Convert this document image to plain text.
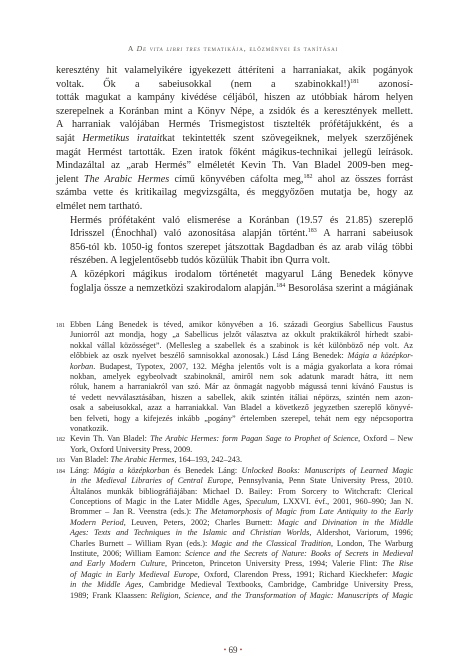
A De vita libri tres tematikája, előzményei és tanításai

keresztény hit valamelyikére igyekezett áttéríteni a harraniakat, akik pogányok
voltak. Ők a sabeiusokkal (nem a szabinokkal!)$^{181}$ azonosí-
tották magukat a kampány kivédése céljából, hiszen az utóbbiak három helyen
szerepelnek a Koránban mint a Könyv Népe, a zsidók és a keresztények mellett.
A harraniak valójában Hermés Trismegistost tisztelték prófétájukként, és a
saját Hermetikus irataitkat tekintették szent szövegeiknek, melyek szerzőjének
magát Hermést tartották. Ezen iratok főként mágikus-technikai jellegű leírások.
Mindazáltal az „arab Hermés” elméletét Kevin Th. Van Bladel 2009-ben meg-
jelent The Arabic Hermes című könyvében cáfolta meg,$^{182}$ ahol az összes forrást
számba vette és kritikailag megvizsgálta, és meggyőzően mutatja be, hogy az
elmélet nem tartható.

Hermés prófétaként való elismerése a Koránban (19.57 és 21.85) szereplő
Idrisszel (Énochhal) való azonosítása alapján történt.$^{183}$ A harrani sabeiusok
856-tól kb. 1050-ig fontos szerepet játszottak Bagdadban és az arab világ többi
részében. A legjelentősebb tudós közülük Thabit ibn Qurra volt.

A középkori mágikus irodalom történetét magyarul Láng Benedek könyve
foglalja össze a nemzetközi szakirodalom alapján.$^{184}$ Besorolása szerint a mágiának

181 Ebben Láng Benedek is téved, amikor könyvében a 16. századi Georgius Sabellicus Faustus
Juniorról azt mondja, hogy „a Sabellicus jelzőt választva az okkult praktikákról hírhedt szabi-
nokkal vállal közösséget”. (Mellesleg a szabellek és a szabinok is két különböző nép volt. Az
előbbiek az oszk nyelvet beszélő samnisokkal azonosak.) Lásd Láng Benedek: Mágia a középkor-
korban. Budapest, Typotex, 2007, 132. Mégha jelentős volt is a mágia gyakorlata a kora római
nokban, amelyek egybeolvadt szabinoknál, amiről nem sok adatunk maradt hátra, itt nem
róluk, hanem a harraniakról van szó. Már az önmagát nagyobb mágussá tenni kívánó Faustus is
té vedett nevválasztásában, hiszen a sabellek, akik szintén itáliai népörzs, szintén nem azon-
osak a sabeiusokkal, azaz a harraniakkal. Van Bladel a következő jegyzetben szereplő könyvé-
ben felveti, hogy a kifejezés inkább „pogány” értelemben szerepel, tehát nem egy népcsoportra
vonatkozik.
182 Kevin Th. Van Bladel: The Arabic Hermes: form Pagan Sage to Prophet of Science, Oxford – New
York, Oxford University Press, 2009.
183 Van Bladel: The Arabic Hermes, 164–193, 242–243.
184 Láng: Mágia a középkorban és Benedek Láng: Unlocked Books: Manuscripts of Learned Magic
in the Medieval Libraries of Central Europe, Pennsylvania, Penn State University Press, 2010.
Általános munkák bibliográfiájában: Michael D. Bailey: From Sorcery to Witchcraft: Clerical
Conceptions of Magic in the Later Middle Ages, Speculum, LXXVI. évf., 2001, 960–990; Jan N.
Brommer – Jan R. Veenstra (eds.): The Metamorphosis of Magic from Late Antiquity to the Early
Modern Period, Leuven, Peters, 2002; Charles Burnett: Magic and Divination in the Middle
Ages: Texts and Techniques in the Islamic and Christian Worlds, Aldershot, Variorum, 1996;
Charles Burnett – William Ryan (eds.): Magic and the Classical Tradition, London, The Warburg
Institute, 2006; William Eamon: Science and the Secrets of Nature: Books of Secrets in Medieval
and Early Modern Culture, Princeton, Princeton University Press, 1994; Valerie Flint: The Rise
of Magic in Early Medieval Europe, Oxford, Clarendon Press, 1991; Richard Kieckhefer: Magic
in the Middle Ages, Cambridge Medieval Textbooks, Cambridge, Cambridge University Press,
1989; Frank Klaassen: Religion, Science, and the Transformation of Magic: Manuscripts of Magic
• 69 •
